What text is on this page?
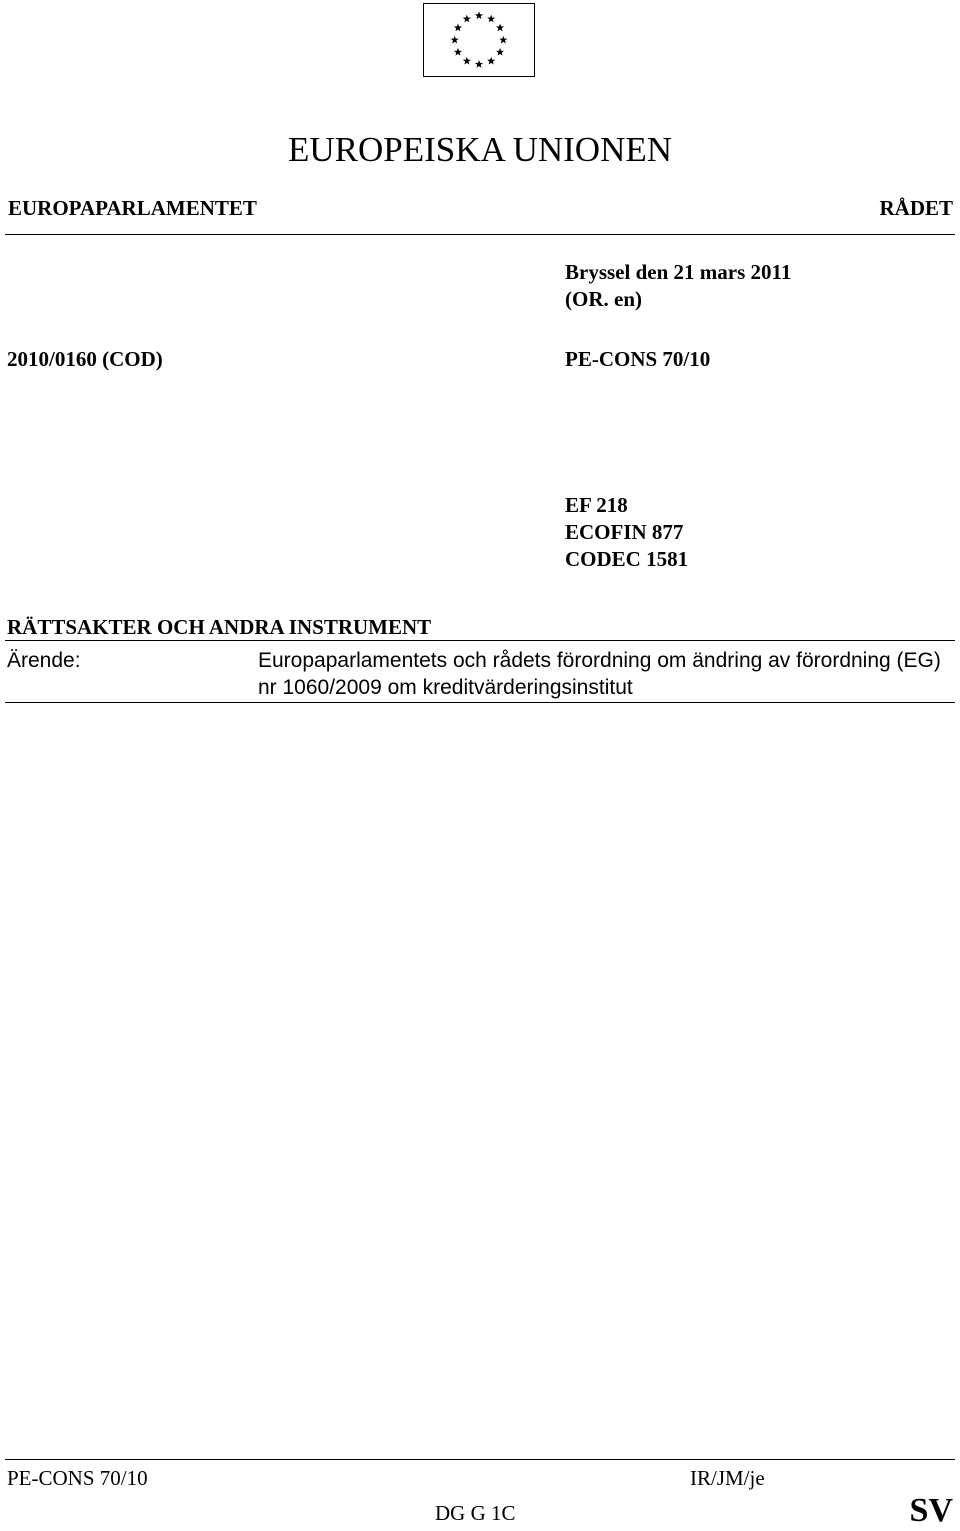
EUROPEISKA UNIONEN
EUROPAPARLAMENTET	RÅDET
Bryssel den 21 mars 2011
(OR. en)
2010/0160 (COD)	PE-CONS 70/10
EF 218
ECOFIN 877
CODEC 1581
RÄTTSAKTER OCH ANDRA INSTRUMENT
Ärende:	Europaparlamentets och rådets förordning om ändring av förordning (EG) nr 1060/2009 om kreditvärderingsinstitut
PE-CONS 70/10	IR/JM/je
DG G 1C	SV
